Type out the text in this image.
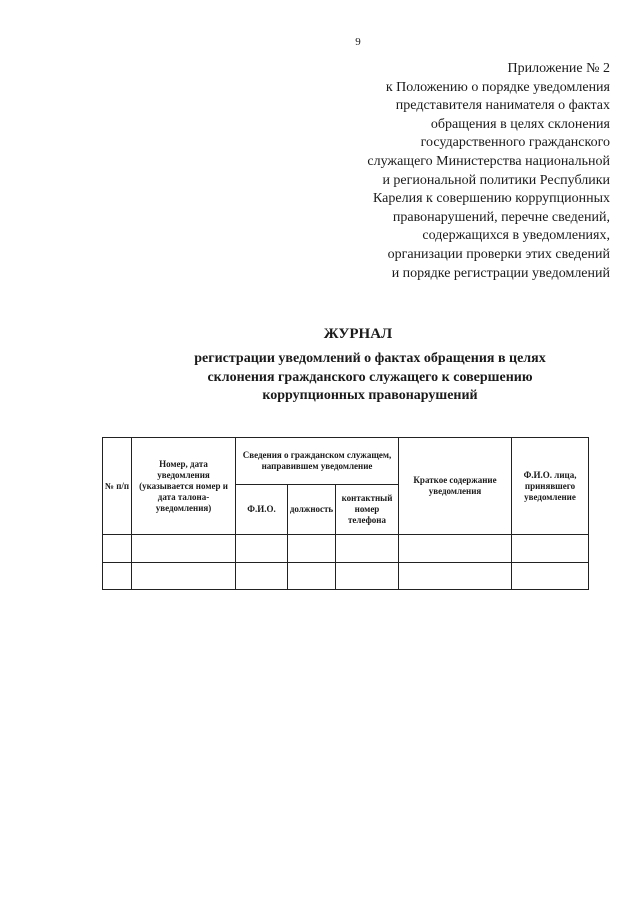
9
Приложение № 2
к Положению о порядке уведомления
представителя нанимателя о фактах
обращения в целях склонения
государственного гражданского
служащего Министерства национальной
и региональной политики Республики
Карелия к совершению коррупционных
правонарушений, перечне сведений,
содержащихся в уведомлениях,
организации проверки этих сведений
и порядке регистрации уведомлений
ЖУРНАЛ
регистрации уведомлений о фактах обращения в целях
склонения гражданского служащего к совершению
коррупционных правонарушений
№ п/п	Номер, дата уведомления (указывается номер и дата талона-уведомления)	Сведения о гражданском служащем, направившем уведомление			Краткое содержание уведомления	Ф.И.О. лица, принявшего уведомление
		Ф.И.О.	должность	контактный номер телефона		
